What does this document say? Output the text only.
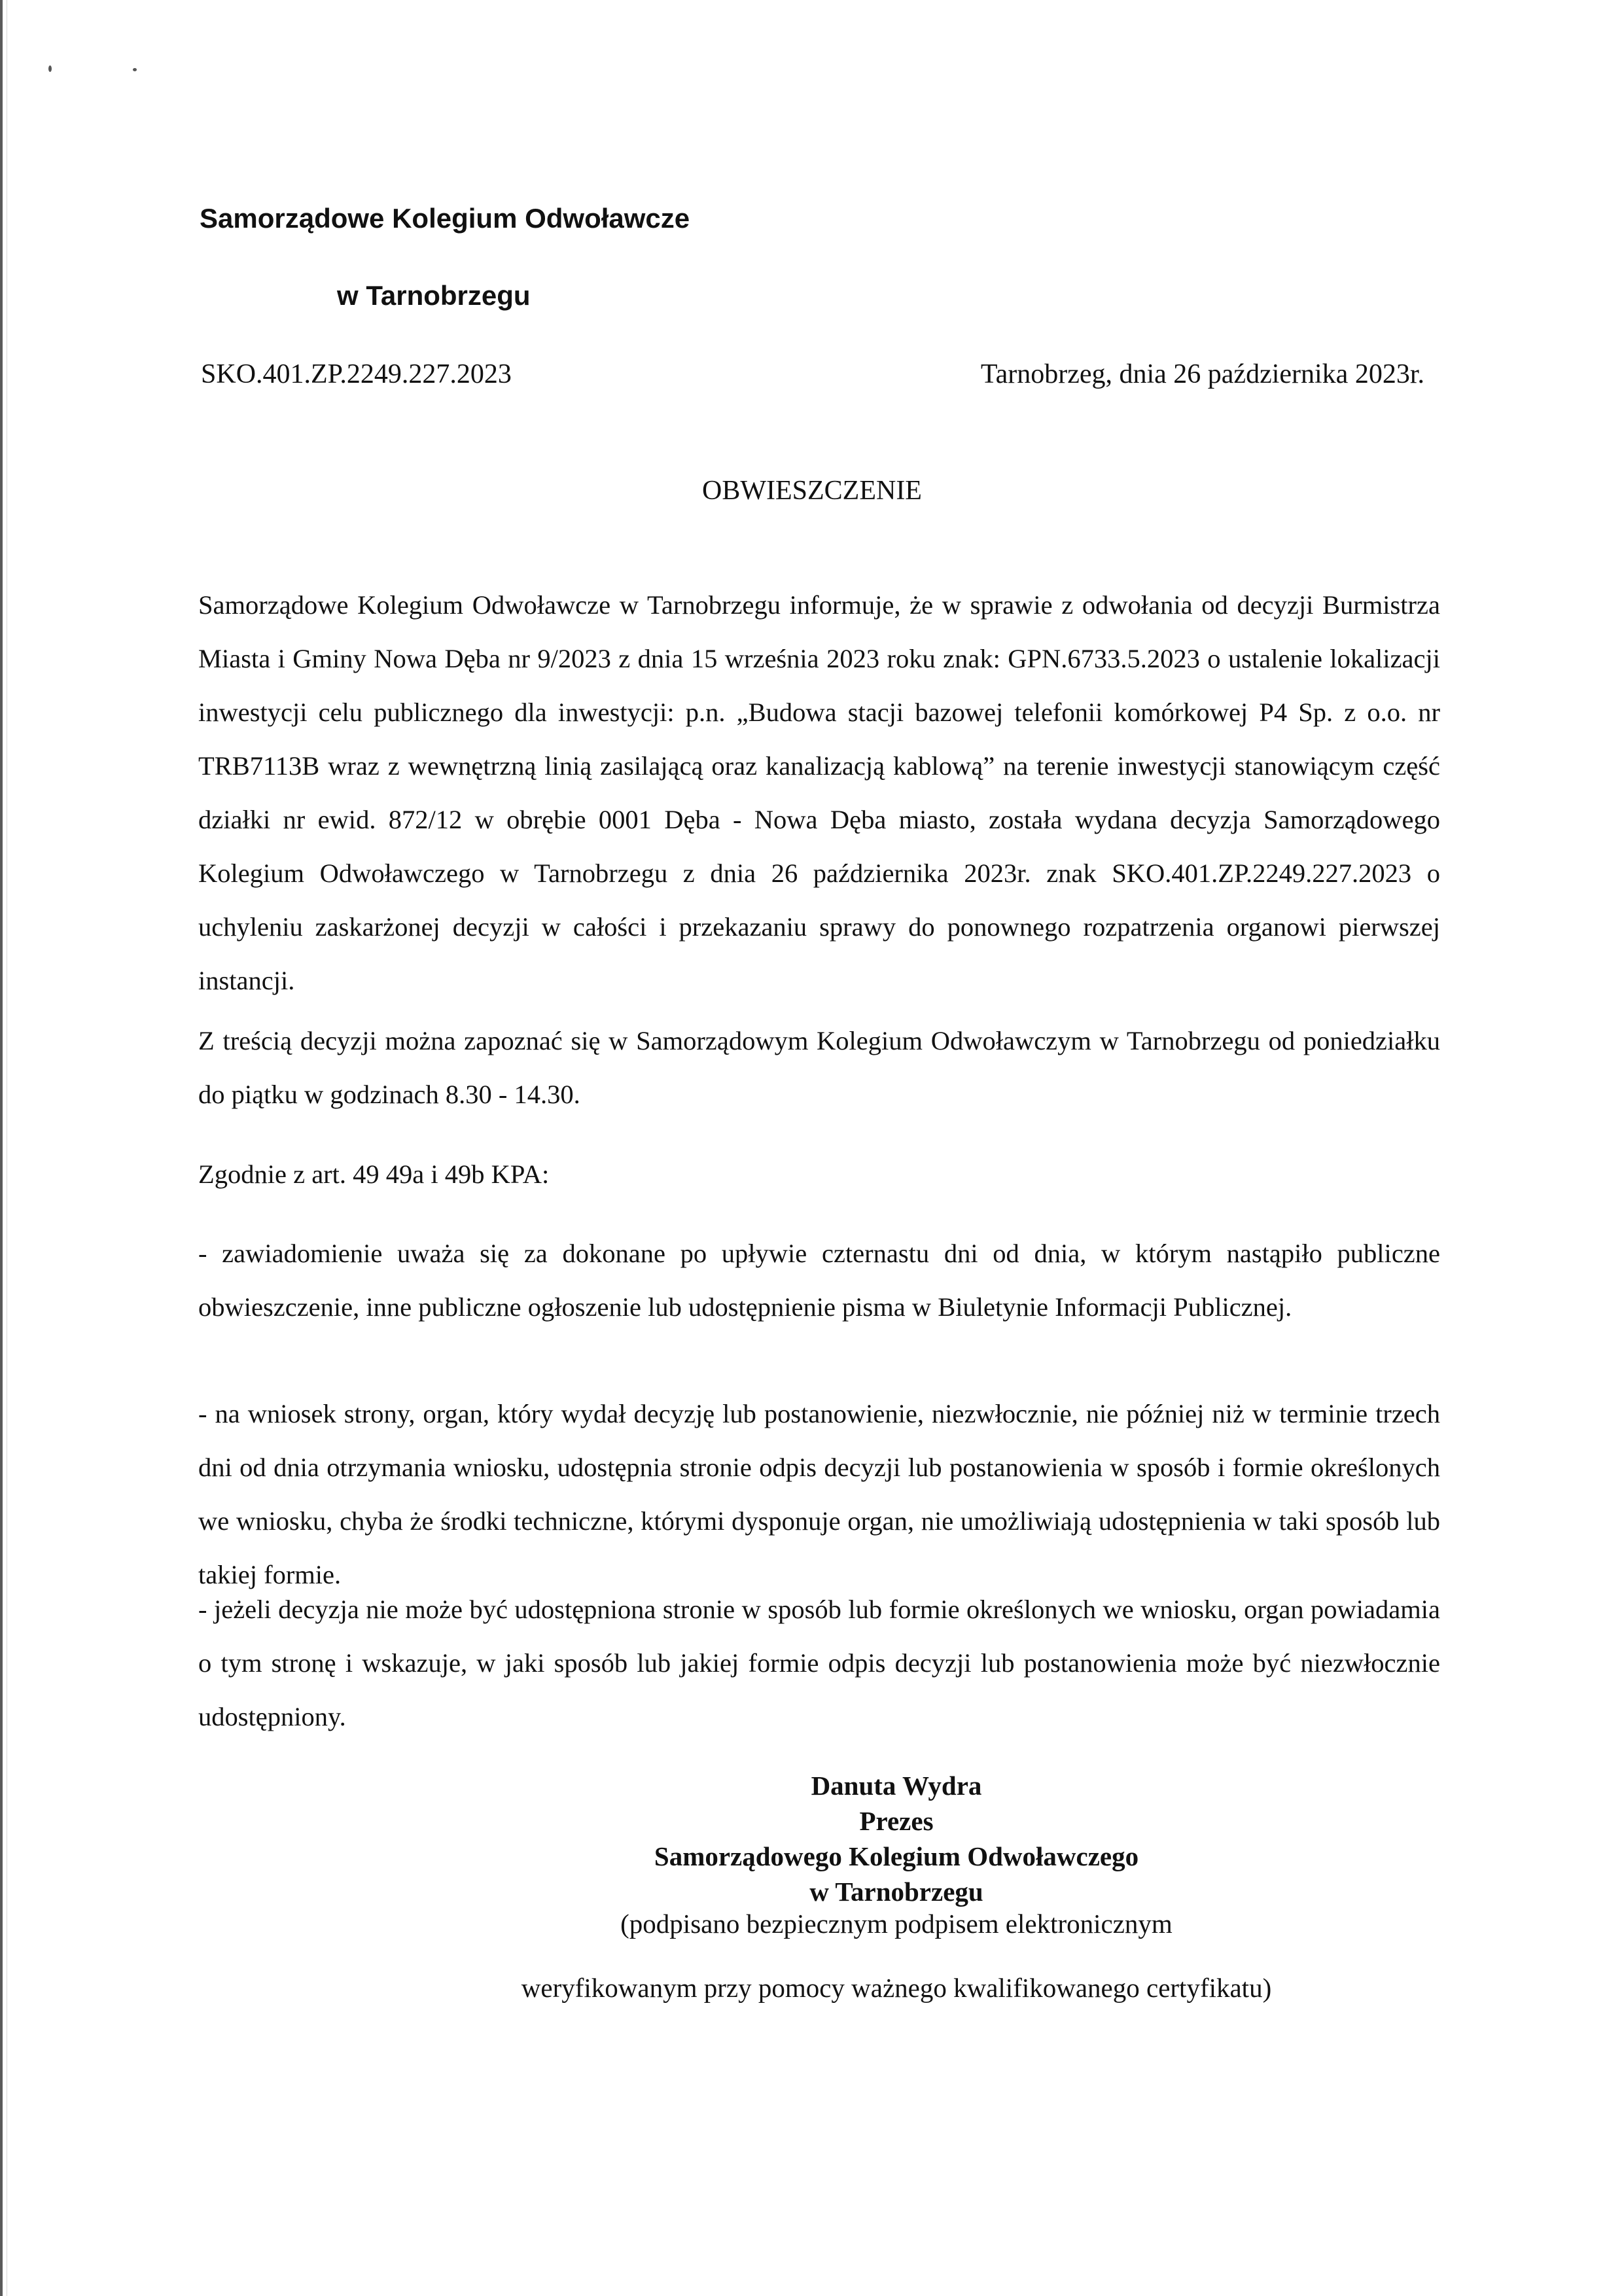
Samorządowe Kolegium Odwoławcze
w Tarnobrzegu
SKO.401.ZP.2249.227.2023	Tarnobrzeg, dnia 26 października 2023r.
OBWIESZCZENIE
Samorządowe Kolegium Odwoławcze w Tarnobrzegu informuje, że w sprawie z odwołania od decyzji Burmistrza Miasta i Gminy Nowa Dęba nr 9/2023 z dnia 15 września 2023 roku znak: GPN.6733.5.2023 o ustalenie lokalizacji inwestycji celu publicznego dla inwestycji: p.n. „Budowa stacji bazowej telefonii komórkowej P4 Sp. z o.o. nr TRB7113B wraz z wewnętrzną linią zasilającą oraz kanalizacją kablową” na terenie inwestycji stanowiącym część działki nr ewid. 872/12 w obrębie 0001 Dęba - Nowa Dęba miasto, została wydana decyzja Samorządowego Kolegium Odwoławczego w Tarnobrzegu z dnia 26 października 2023r. znak SKO.401.ZP.2249.227.2023 o uchyleniu zaskarżonej decyzji w całości i przekazaniu sprawy do ponownego rozpatrzenia organowi pierwszej instancji.
Z treścią decyzji można zapoznać się w Samorządowym Kolegium Odwoławczym w Tarnobrzegu od poniedziałku do piątku w godzinach 8.30 - 14.30.
Zgodnie z art. 49 49a i 49b KPA:
- zawiadomienie uważa się za dokonane po upływie czternastu dni od dnia, w którym nastąpiło publiczne obwieszczenie, inne publiczne ogłoszenie lub udostępnienie pisma w Biuletynie Informacji Publicznej.
- na wniosek strony, organ, który wydał decyzję lub postanowienie, niezwłocznie, nie później niż w terminie trzech dni od dnia otrzymania wniosku, udostępnia stronie odpis decyzji lub postanowienia w sposób i formie określonych we wniosku, chyba że środki techniczne, którymi dysponuje organ, nie umożliwiają udostępnienia w taki sposób lub takiej formie.
- jeżeli decyzja nie może być udostępniona stronie w sposób lub formie określonych we wniosku, organ powiadamia o tym stronę i wskazuje, w jaki sposób lub jakiej formie odpis decyzji lub postanowienia może być niezwłocznie udostępniony.
Danuta Wydra
Prezes
Samorządowego Kolegium Odwoławczego
w Tarnobrzegu
(podpisano bezpiecznym podpisem elektronicznym
weryfikowanym przy pomocy ważnego kwalifikowanego certyfikatu)
